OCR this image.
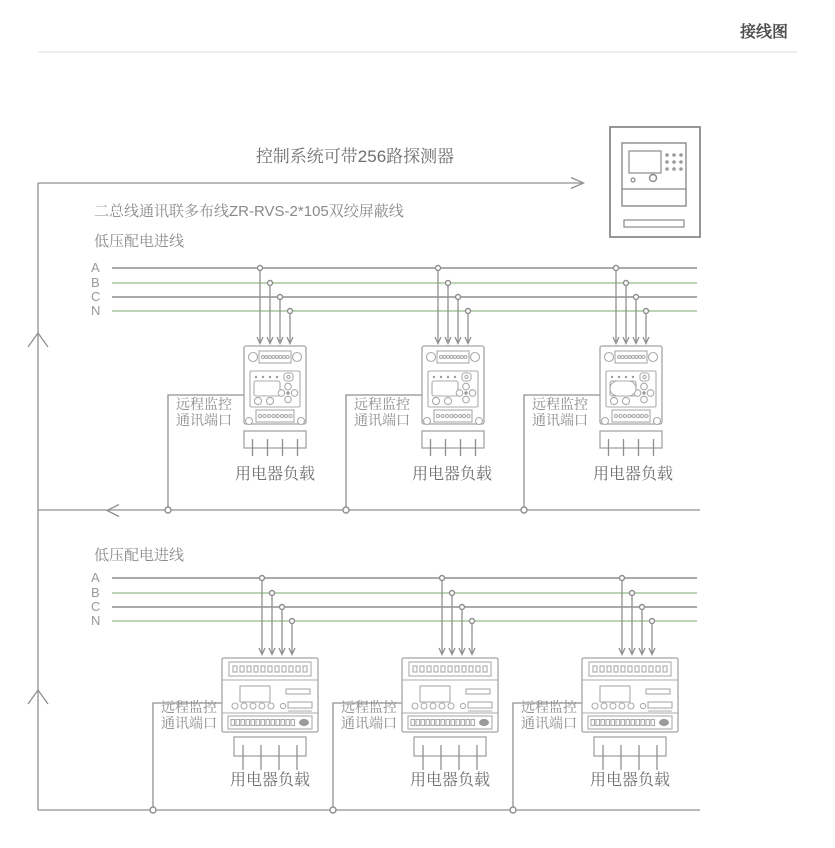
接线图
控制系统可带256路探测器
二总线通讯联多布线ZR-RVS-2*105双绞屏蔽线
低压配电进线
低压配电进线
A
B
C
N
A
B
C
N
远程监控
通讯端口
远程监控
通讯端口
远程监控
通讯端口
远程监控
通讯端口
远程监控
通讯端口
远程监控
通讯端口
用电器负载	用电器负载	用电器负载
用电器负载	用电器负载	用电器负载
